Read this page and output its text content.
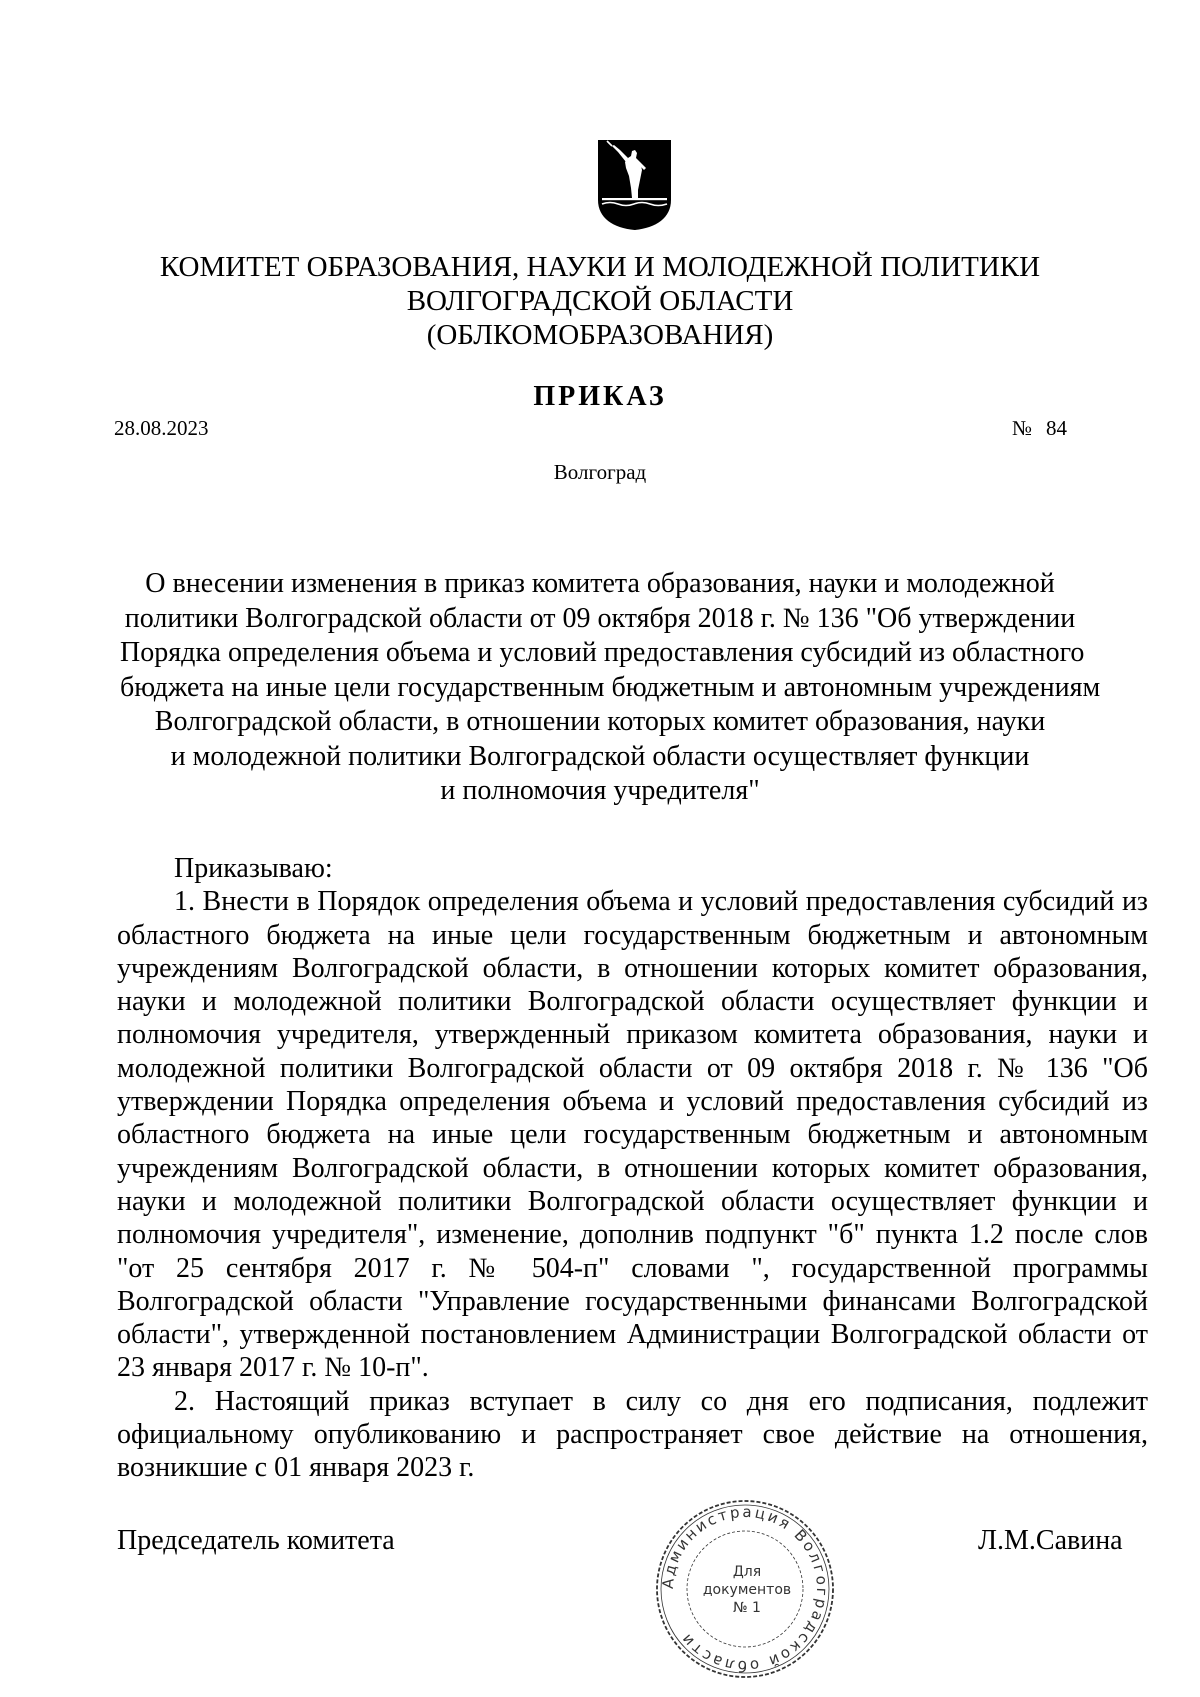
КОМИТЕТ ОБРАЗОВАНИЯ, НАУКИ И МОЛОДЕЖНОЙ ПОЛИТИКИ
ВОЛГОГРАДСКОЙ ОБЛАСТИ
(ОБЛКОМОБРАЗОВАНИЯ)
ПРИКАЗ
28.08.2023	№ 84
Волгоград
О внесении изменения в приказ комитета образования, науки и молодежной
политики Волгоградской области от 09 октября 2018 г. № 136 "Об утверждении
Порядка определения объема и условий предоставления субсидий из областного
бюджета на иные цели государственным бюджетным и автономным учреждениям
Волгоградской области, в отношении которых комитет образования, науки
и молодежной политики Волгоградской области осуществляет функции
и полномочия учредителя"

Приказываю:

1. Внести в Порядок определения объема и условий предоставления субсидий из областного бюджета на иные цели государственным бюджетным и автономным учреждениям Волгоградской области, в отношении которых комитет образования, науки и молодежной политики Волгоградской области осуществляет функции и полномочия учредителя, утвержденный приказом комитета образования, науки и молодежной политики Волгоградской области от 09 октября 2018 г. № 136 "Об утверждении Порядка определения объема и условий предоставления субсидий из областного бюджета на иные цели государственным бюджетным и автономным учреждениям Волгоградской области, в отношении которых комитет образования, науки и молодежной политики Волгоградской области осуществляет функции и полномочия учредителя", изменение, дополнив подпункт "б" пункта 1.2 после слов "от 25 сентября 2017 г. № 504-п" словами ", государственной программы Волгоградской области "Управление государственными финансами Волгоградской области", утвержденной постановлением Администрации Волгоградской области от 23 января 2017 г. № 10-п".

2. Настоящий приказ вступает в силу со дня его подписания, подлежит официальному опубликованию и распространяет свое действие на отношения, возникшие с 01 января 2023 г.

Председатель комитета	Л.М.Савина
Администрация Волгоградской области
Для
документов
№ 1
